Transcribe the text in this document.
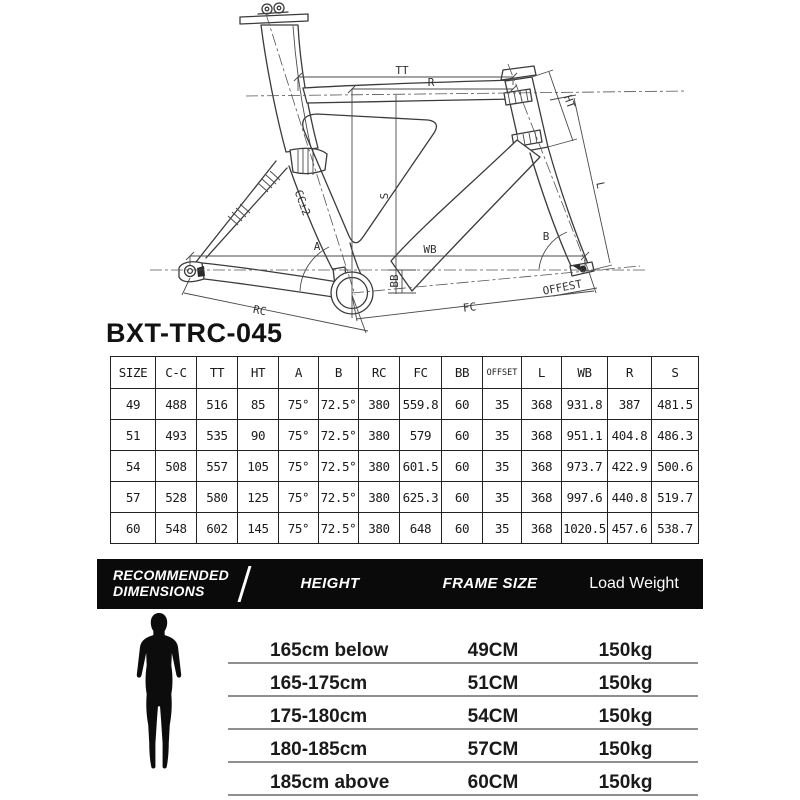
TT
R
HT
L
CC±2	S
A
B
WB
BB
FC
OFFEST
RC
BXT-TRC-045
SIZE	C-C	TT	HT	A	B	RC	FC	BB	OFFSET	L	WB	R	S
49	488	516	85	75°	72.5°	380	559.8	60	35	368	931.8	387	481.5
51	493	535	90	75°	72.5°	380	579	60	35	368	951.1	404.8	486.3
54	508	557	105	75°	72.5°	380	601.5	60	35	368	973.7	422.9	500.6
57	528	580	125	75°	72.5°	380	625.3	60	35	368	997.6	440.8	519.7
60	548	602	145	75°	72.5°	380	648	60	35	368	1020.5	457.6	538.7
RECOMMENDED
DIMENSIONS	HEIGHT	FRAME SIZE	Load Weight
165cm below	49CM	150kg
165-175cm	51CM	150kg
175-180cm	54CM	150kg
180-185cm	57CM	150kg
185cm above	60CM	150kg
